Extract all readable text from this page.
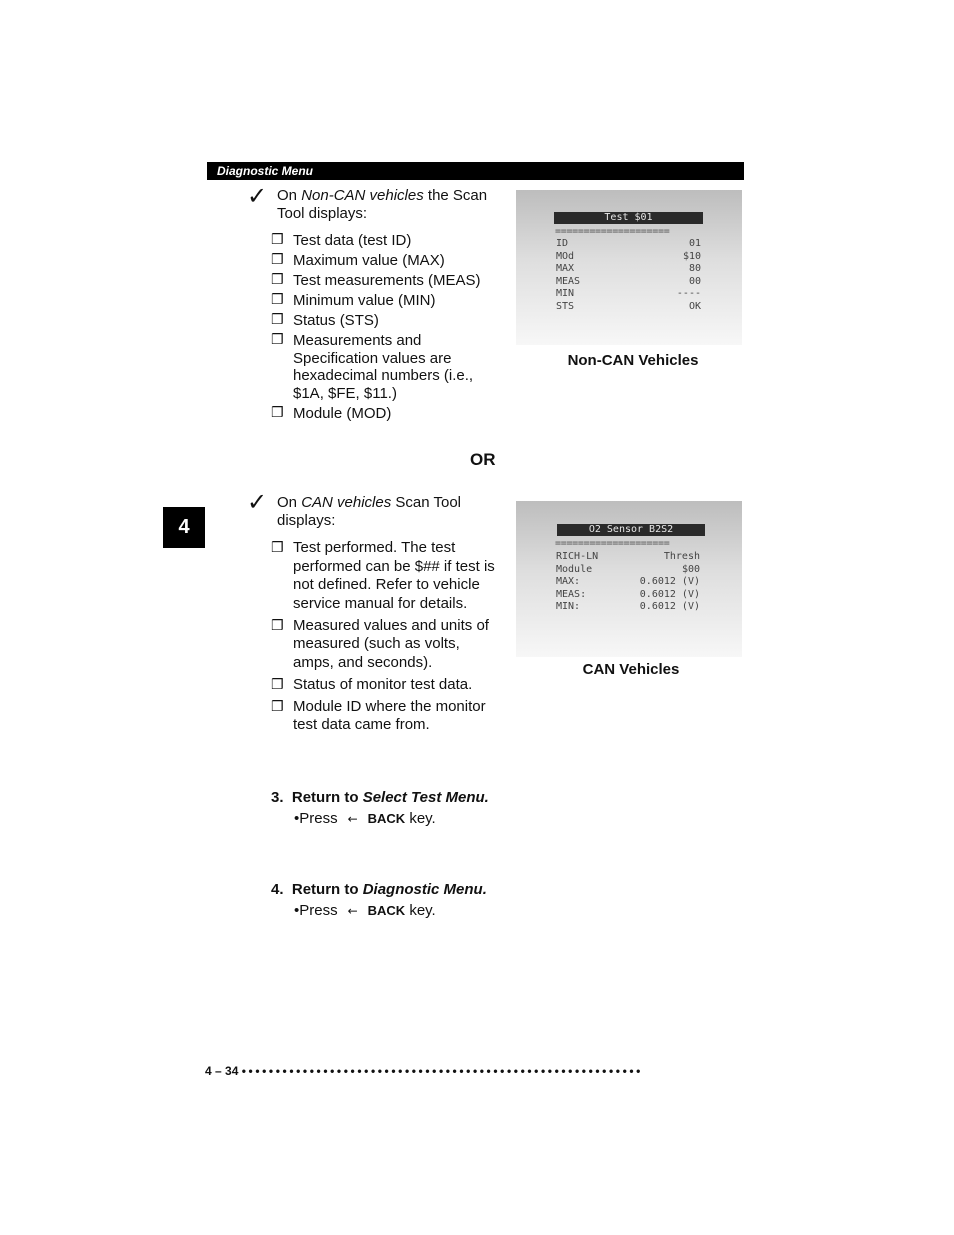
Diagnostic Menu
4
✓ On Non-CAN vehicles the Scan Tool displays:
❒ Test data (test ID)
❒ Maximum value (MAX)
❒ Test measurements (MEAS)
❒ Minimum value (MIN)
❒ Status (STS)
❒ Measurements and Specification values are hexadecimal numbers (i.e., $1A, $FE, $11.)
❒ Module (MOD)
Test $01
====================
ID	01
MOd	$10
MAX	80
MEAS	00
MIN	----
STS	OK
Non-CAN Vehicles
OR
✓ On CAN vehicles Scan Tool displays:
❒ Test performed. The test performed can be $## if test is not defined. Refer to vehicle service manual for details.
❒ Measured values and units of measured (such as volts, amps, and seconds).
❒ Status of monitor test data.
❒ Module ID where the monitor test data came from.
O2 Sensor B2S2
====================
RICH-LN	Thresh
Module	$00
MAX:	0.6012 (V)
MEAS:	0.6012 (V)
MIN:	0.6012 (V)
CAN Vehicles
3. Return to Select Test Menu.
•Press ← BACK key.
4. Return to Diagnostic Menu.
•Press ← BACK key.
4 – 34 •••••••••••••••••••••••••••••••••••••••••••••••••••••••••••
